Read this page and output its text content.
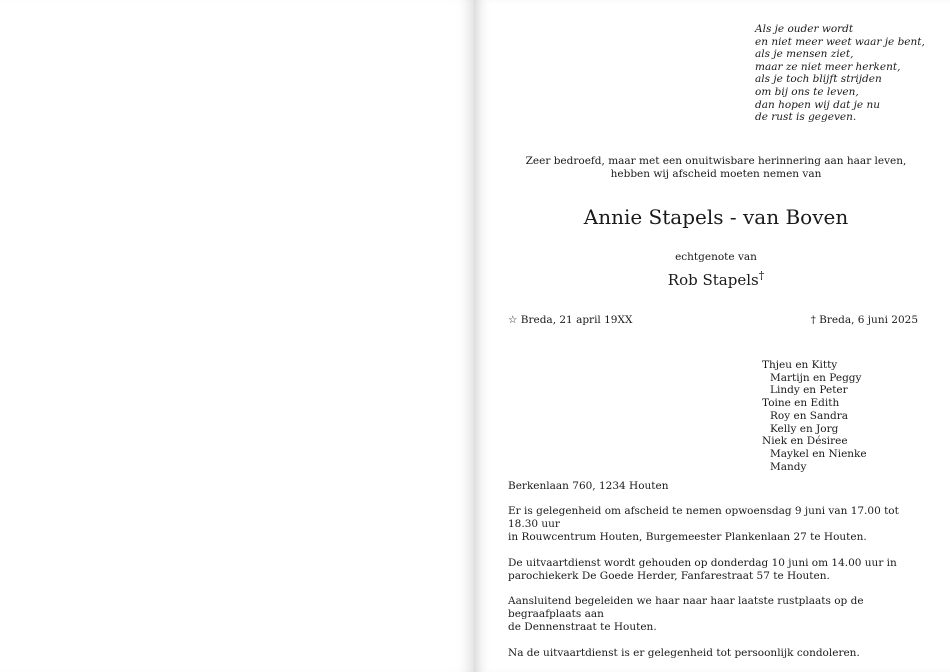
Als je ouder wordt
en niet meer weet waar je bent,
als je mensen ziet,
maar ze niet meer herkent,
als je toch blijft strijden
om bij ons te leven,
dan hopen wij dat je nu
de rust is gegeven.
Zeer bedroefd, maar met een onuitwisbare herinnering aan haar leven,
hebben wij afscheid moeten nemen van
Annie Stapels - van Boven
echtgenote van
Rob Stapels†
☆ Breda, 21 april 19XX	† Breda, 6 juni 2025
Thjeu en Kitty
Martijn en Peggy
Lindy en Peter
Toine en Edith
Roy en Sandra
Kelly en Jorg
Niek en Désiree
Maykel en Nienke
Mandy
Berkenlaan 760, 1234 Houten

Er is gelegenheid om afscheid te nemen opwoensdag 9 juni van 17.00 tot 18.30 uur
in Rouwcentrum Houten, Burgemeester Plankenlaan 27 te Houten.

De uitvaartdienst wordt gehouden op donderdag 10 juni om 14.00 uur in
parochiekerk De Goede Herder, Fanfarestraat 57 te Houten.

Aansluitend begeleiden we haar naar haar laatste rustplaats op de begraafplaats aan
de Dennenstraat te Houten.

Na de uitvaartdienst is er gelegenheid tot persoonlijk condoleren.
